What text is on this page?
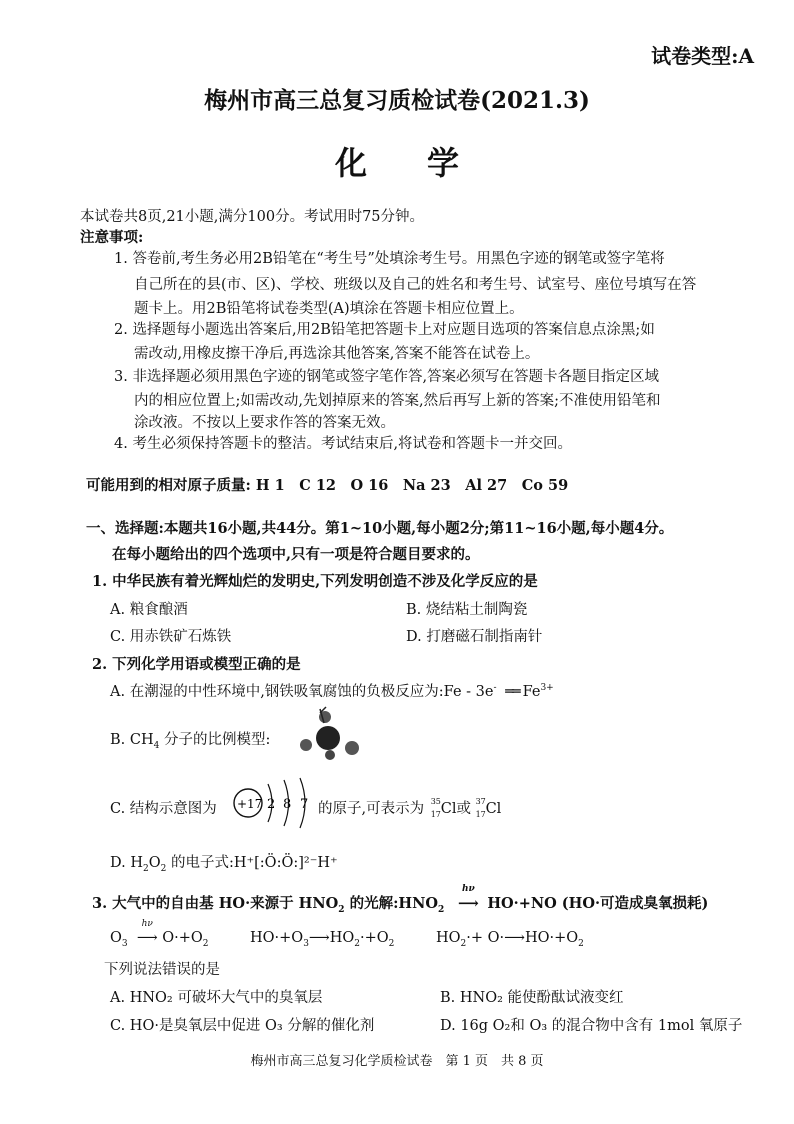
试卷类型:A
梅州市高三总复习质检试卷(2021.3)
化学
本试卷共8页,21小题,满分100分。考试用时75分钟。
注意事项:
1. 答卷前,考生务必用2B铅笔在“考生号”处填涂考生号。用黑色字迹的钢笔或签字笔将
自己所在的县(市、区)、学校、班级以及自己的姓名和考生号、试室号、座位号填写在答
题卡上。用2B铅笔将试卷类型(A)填涂在答题卡相应位置上。
2. 选择题每小题选出答案后,用2B铅笔把答题卡上对应题目选项的答案信息点涂黑;如
需改动,用橡皮擦干净后,再选涂其他答案,答案不能答在试卷上。
3. 非选择题必须用黑色字迹的钢笔或签字笔作答,答案必须写在答题卡各题目指定区域
内的相应位置上;如需改动,先划掉原来的答案,然后再写上新的答案;不准使用铅笔和
涂改液。不按以上要求作答的答案无效。
4. 考生必须保持答题卡的整洁。考试结束后,将试卷和答题卡一并交回。
可能用到的相对原子质量: H 1　C 12　O 16　Na 23　Al 27　Co 59
一、选择题:本题共16小题,共44分。第1~10小题,每小题2分;第11~16小题,每小题4分。
在每小题给出的四个选项中,只有一项是符合题目要求的。
1. 中华民族有着光辉灿烂的发明史,下列发明创造不涉及化学反应的是
A. 粮食酿酒	B. 烧结粘土制陶瓷
C. 用赤铁矿石炼铁	D. 打磨磁石制指南针
2. 下列化学用语或模型正确的是
A. 在潮湿的中性环境中,钢铁吸氧腐蚀的负极反应为:Fe - 3e- ══ $Fe^{3+}$
B. $CH_4$ 分子的比例模型:
C. 结构示意图为 +17 2 8 7 的原子,可表示为 35
17 Cl或 37
17 Cl
D. $H_2O_2$ 的电子式:H⁺[:Ö:Ö:]²⁻H⁺
3. 大气中的自由基 HO·来源于 $HNO_2$ 的光解$:HNO_2$
hν
⟶ HO·+NO (HO·可造成臭氧损耗)
$O_3$
hν
⟶ $O\cdot+O_2$	$HO\cdot+O_3⟶HO_2\cdot+O_2$	$HO_2\cdot+$ $O\cdot⟶HO\cdot+O_2$
下列说法错误的是
A. HNO₂ 可破坏大气中的臭氧层	B. HNO₂ 能使酚酞试液变红
C. HO·是臭氧层中促进 O₃ 分解的催化剂	D. 16g O₂和 O₃ 的混合物中含有 1mol 氧原子
梅州市高三总复习化学质检试卷　第 1 页　共 8 页
